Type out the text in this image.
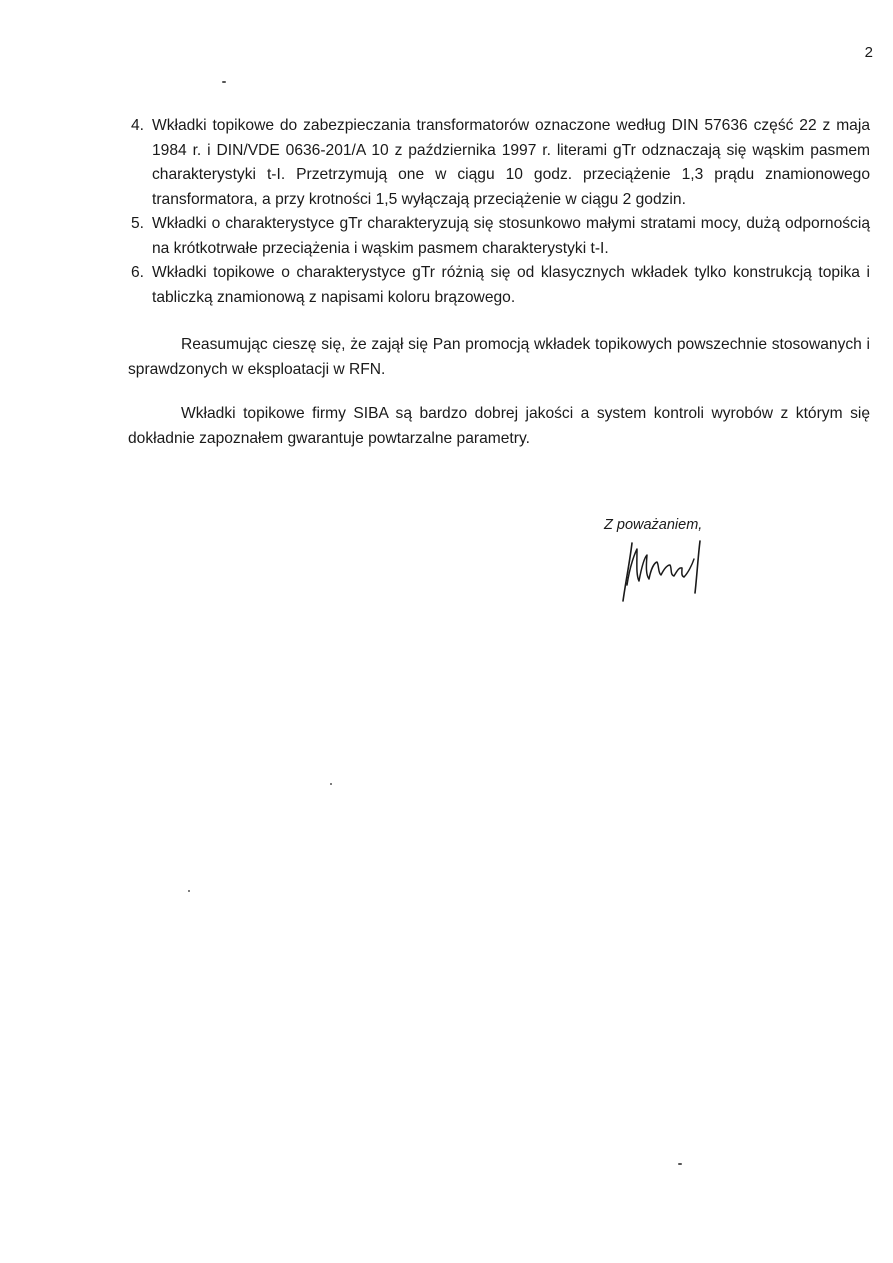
2
4. Wkładki topikowe do zabezpieczania transformatorów oznaczone według DIN 57636 część 22 z maja 1984 r. i DIN/VDE 0636-201/A 10 z października 1997 r. literami gTr odznaczają się wąskim pasmem charakterystyki t-I. Przetrzymują one w ciągu 10 godz. przeciążenie 1,3 prądu znamionowego transformatora, a przy krotności 1,5 wyłączają przeciążenie w ciągu 2 godzin.
5. Wkładki o charakterystyce gTr charakteryzują się stosunkowo małymi stratami mocy, dużą odpornością na krótkotrwałe przeciążenia i wąskim pasmem charakterystyki t-I.
6. Wkładki topikowe o charakterystyce gTr różnią się od klasycznych wkładek tylko konstrukcją topika i tabliczką znamionową z napisami koloru brązowego.

Reasumując cieszę się, że zajął się Pan promocją wkładek topikowych powszechnie stosowanych i sprawdzonych w eksploatacji w RFN.

Wkładki topikowe firmy SIBA są bardzo dobrej jakości a system kontroli wyrobów z którym się dokładnie zapoznałem gwarantuje powtarzalne parametry.

Z poważaniem,
